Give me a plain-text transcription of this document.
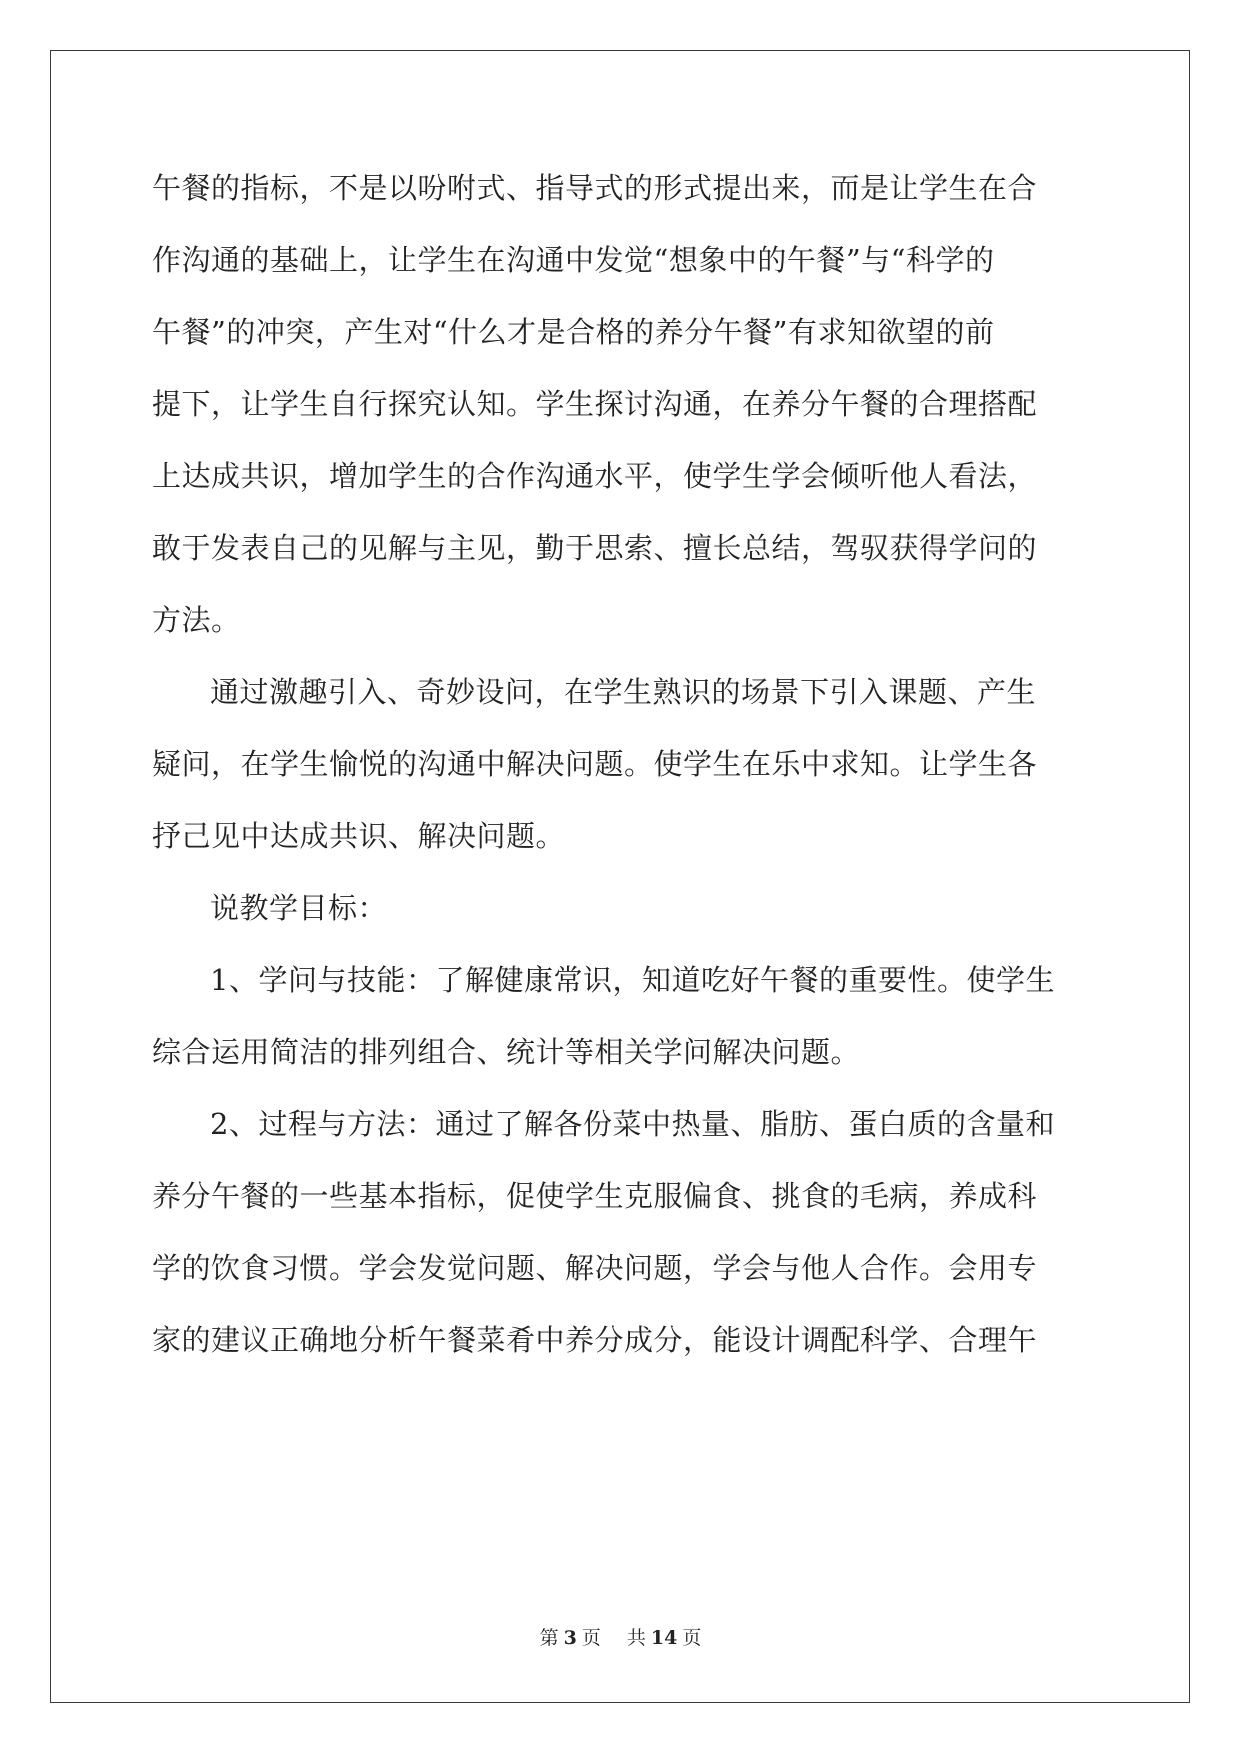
午餐的指标，不是以吩咐式、指导式的形式提出来，而是让学生在合
作沟通的基础上，让学生在沟通中发觉“想象中的午餐”与“科学的
午餐”的冲突，产生对“什么才是合格的养分午餐”有求知欲望的前
提下，让学生自行探究认知。学生探讨沟通，在养分午餐的合理搭配
上达成共识，增加学生的合作沟通水平，使学生学会倾听他人看法，
敢于发表自己的见解与主见，勤于思索、擅长总结，驾驭获得学问的
方法。
通过激趣引入、奇妙设问，在学生熟识的场景下引入课题、产生
疑问，在学生愉悦的沟通中解决问题。使学生在乐中求知。让学生各
抒己见中达成共识、解决问题。
说教学目标：
1、学问与技能：了解健康常识，知道吃好午餐的重要性。使学生
综合运用简洁的排列组合、统计等相关学问解决问题。
2、过程与方法：通过了解各份菜中热量、脂肪、蛋白质的含量和
养分午餐的一些基本指标，促使学生克服偏食、挑食的毛病，养成科
学的饮食习惯。学会发觉问题、解决问题，学会与他人合作。会用专
家的建议正确地分析午餐菜肴中养分成分，能设计调配科学、合理午
第 3 页 共 14 页
